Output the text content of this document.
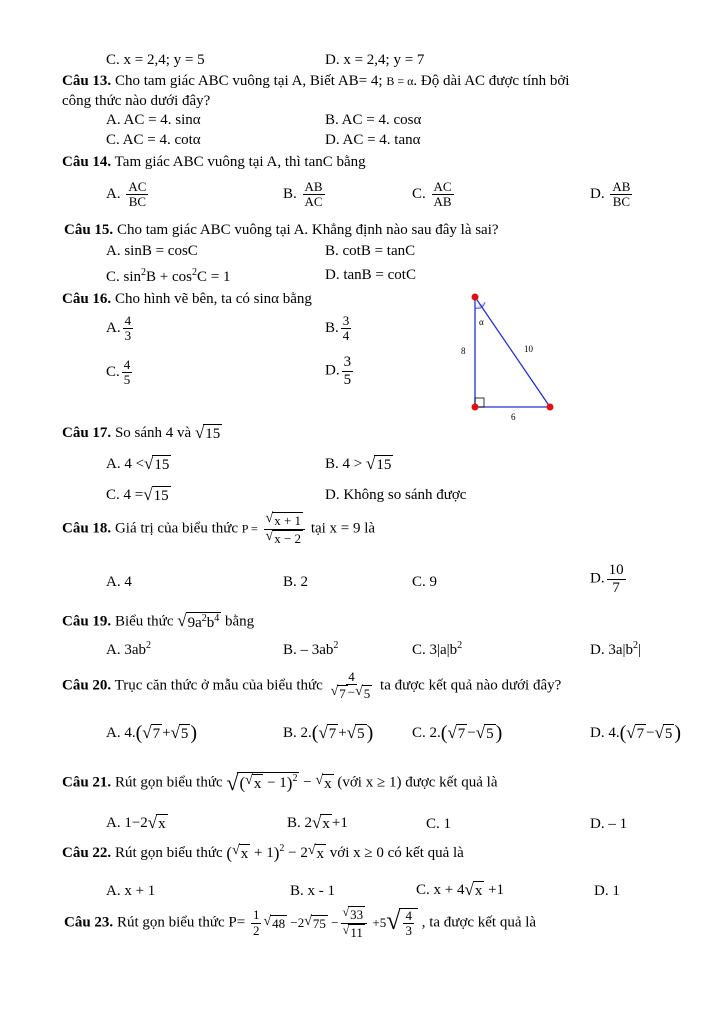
C. x = 2,4; y = 5	D. x = 2,4; y = 7
Câu 13. Cho tam giác ABC vuông tại A, Biết AB= 4; B = α. Độ dài AC được tính bởi
công thức nào dưới đây?
A. AC = 4. sinα	B. AC = 4. cosα
C. AC = 4. cotα	D. AC = 4. tanα
Câu 14. Tam giác ABC vuông tại A, thì tanC bằng
A. $\frac{AC}{BC}$	B. $\frac{AB}{AC}$	C. $\frac{AC}{AB}$	D. $\frac{AB}{BC}$
Câu 15. Cho tam giác ABC vuông tại A. Khẳng định nào sau đây là sai?
A. sinB = cosC	B. cotB = tanC
C. $\sin^2B + \cos^2C = 1$	D. tanB = cotC
Câu 16. Cho hình vẽ bên, ta có sinα bằng
A. $\frac{4}{3}$	B. $\frac{3}{4}$
C. $\frac{4}{5}$	D. $\frac{3}{5}$
α
8	10
6
Câu 17. So sánh 4 và √ 15
A. 4 < √ 15	B. 4 > √ 15
C. 4 = √ 15	D. Không so sánh được
Câu 18. Giá trị của biểu thức $P = \frac{√ x + 1}{√ x - 2}$ tại x = 9 là
A. 4	B. 2	C. 9	D. $\frac{10}{7}$
Câu 19. Biểu thức √ $9a^2b^4$ bằng
A. $3ab^2$	B. – $3ab^2$	C. $3|a|b^2$	D. $3a|b^2|$
Câu 20. Trục căn thức ở mẫu của biểu thức $\frac{4}{√ 7 - √ 5}$ ta được kết quả nào dưới đây?
A. 4.( √ 7 + √ 5 )	B. 2.( √ 7 + √ 5 )	C. 2.( √ 7 − √ 5 )	D. 4.( √ 7 − √ 5 )
Câu 21. Rút gọn biểu thức √ ( √ x − 1)$^2$ − √ x (với x ≥ 1) được kết quả là
A. 1−2 √ x	B. 2 √ x +1	C. 1	D. – 1
Câu 22. Rút gọn biểu thức ( √ x + 1)$^2$ − 2 √ x với x ≥ 0 có kết quả là
A. x + 1	B. x - 1	C. x + 4 √ x +1	D. 1
Câu 23. Rút gọn biểu thức $P= \frac{1}{2}$ √ 48 −2 √ $75 - \frac{√ 33}{√ 11} +5$ √ $\frac{4}{3}$ , ta được kết quả là
